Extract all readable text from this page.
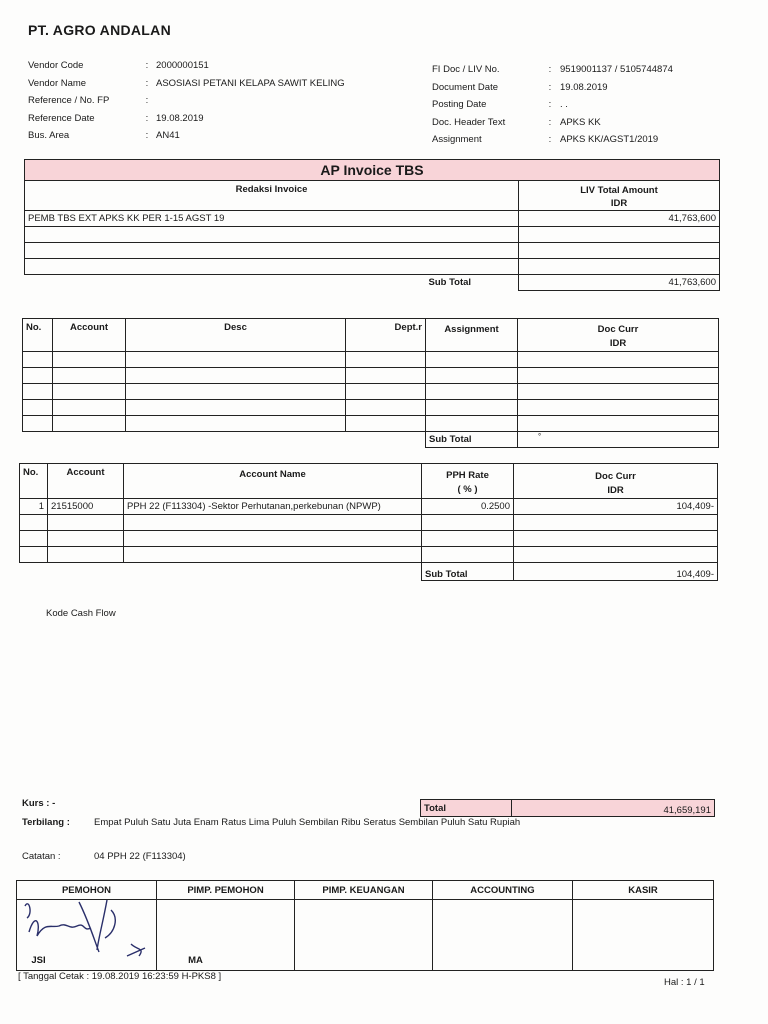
PT. AGRO ANDALAN
Vendor Code	: 2000000151
Vendor Name	: ASOSIASI PETANI KELAPA SAWIT KELING
Reference / No. FP	:
Reference Date	: 19.08.2019
Bus. Area	: AN41
FI Doc / LIV No.	: 9519001137 / 5105744874
Document Date	: 19.08.2019
Posting Date	: . .
Doc. Header Text	: APKS KK
Assignment	: APKS KK/AGST1/2019
AP Invoice TBS	
Redaksi Invoice	LIV Total Amount
IDR
PEMB TBS EXT APKS KK PER 1-15 AGST 19	41,763,600

Sub Total	41,763,600
No.	Account	Desc	Dept.r	Assignment	Doc Curr
IDR

				Sub Total	°
No.	Account	Account Name	PPH Rate
( % )	Doc Curr
IDR
1	21515000	PPH 22 (F113304) -Sektor Perhutanan,perkebunan (NPWP)	0.2500	104,409-

			Sub Total	104,409-
Kode Cash Flow
Kurs : -	Total	41,659,191
Terbilang :	Empat Puluh Satu Juta Enam Ratus Lima Puluh Sembilan Ribu Seratus Sembilan Puluh Satu Rupiah
Catatan :	04 PPH 22 (F113304)
PEMOHON	PIMP. PEMOHON	PIMP. KEUANGAN	ACCOUNTING	KASIR

JSI	MA			
[ Tanggal Cetak : 19.08.2019 16:23:59 H-PKS8 ]
Hal : 1 / 1
